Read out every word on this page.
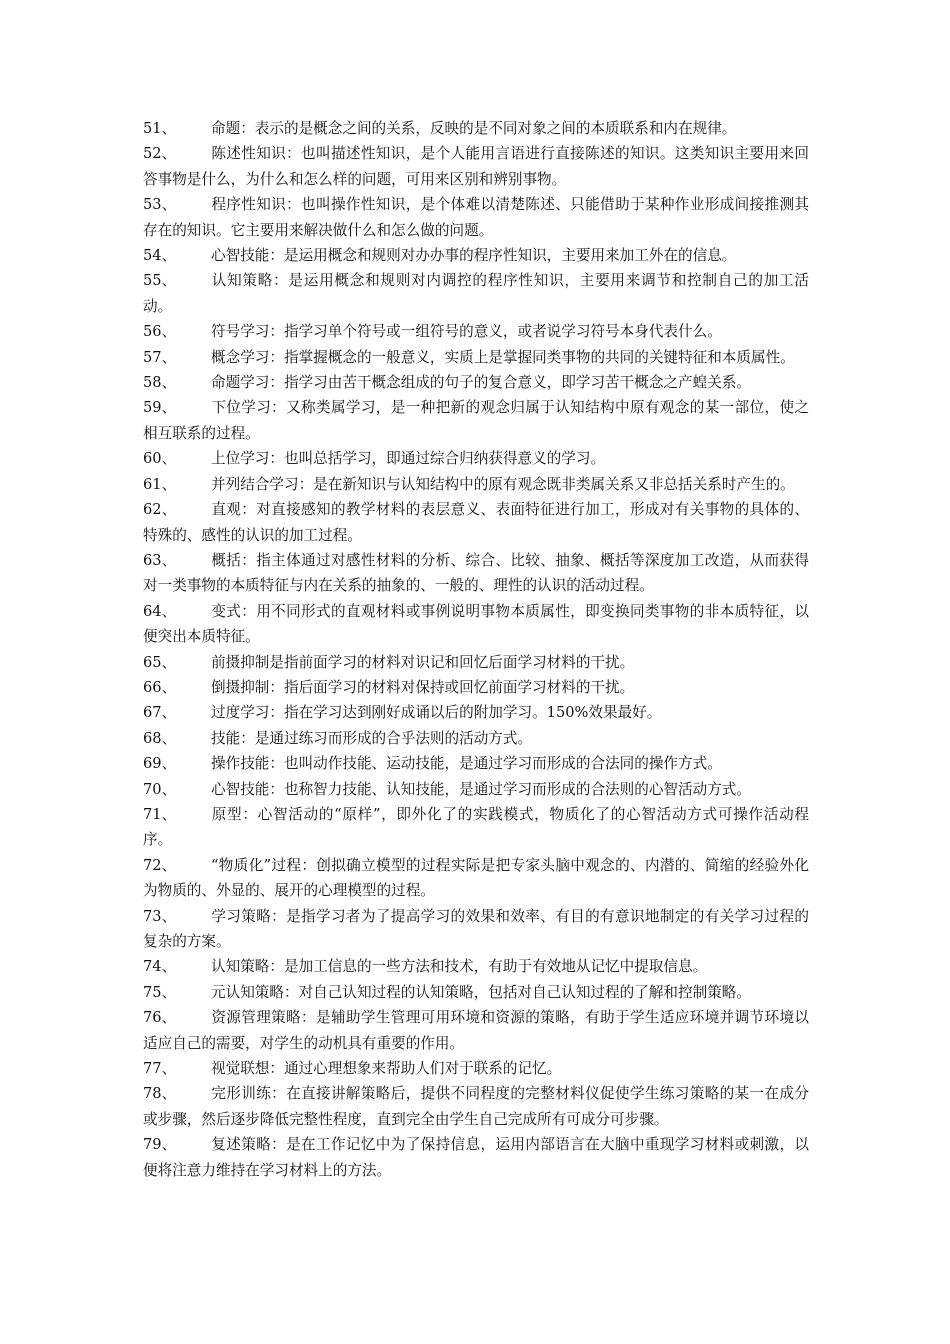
51、 命题：表示的是概念之间的关系，反映的是不同对象之间的本质联系和内在规律。

52、 陈述性知识：也叫描述性知识，是个人能用言语进行直接陈述的知识。这类知识主要用来回答事物是什么，为什么和怎么样的问题，可用来区别和辨别事物。

53、 程序性知识：也叫操作性知识，是个体难以清楚陈述、只能借助于某种作业形成间接推测其存在的知识。它主要用来解决做什么和怎么做的问题。

54、 心智技能：是运用概念和规则对办办事的程序性知识，主要用来加工外在的信息。

55、 认知策略：是运用概念和规则对内调控的程序性知识，主要用来调节和控制自己的加工活动。

56、 符号学习：指学习单个符号或一组符号的意义，或者说学习符号本身代表什么。

57、 概念学习：指掌握概念的一般意义，实质上是掌握同类事物的共同的关键特征和本质属性。

58、 命题学习：指学习由苦干概念组成的句子的复合意义，即学习苦干概念之产蝗关系。

59、 下位学习：又称类属学习，是一种把新的观念归属于认知结构中原有观念的某一部位，使之相互联系的过程。

60、 上位学习：也叫总括学习，即通过综合归纳获得意义的学习。

61、 并列结合学习：是在新知识与认知结构中的原有观念既非类属关系又非总括关系时产生的。

62、 直观：对直接感知的教学材料的表层意义、表面特征进行加工，形成对有关事物的具体的、特殊的、感性的认识的加工过程。

63、 概括：指主体通过对感性材料的分析、综合、比较、抽象、概括等深度加工改造，从而获得对一类事物的本质特征与内在关系的抽象的、一般的、理性的认识的活动过程。

64、 变式：用不同形式的直观材料或事例说明事物本质属性，即变换同类事物的非本质特征，以便突出本质特征。

65、 前摄抑制是指前面学习的材料对识记和回忆后面学习材料的干扰。

66、 倒摄抑制：指后面学习的材料对保持或回忆前面学习材料的干扰。

67、 过度学习：指在学习达到刚好成诵以后的附加学习。150%效果最好。

68、 技能：是通过练习而形成的合乎法则的活动方式。

69、 操作技能：也叫动作技能、运动技能，是通过学习而形成的合法同的操作方式。

70、 心智技能：也称智力技能、认知技能，是通过学习而形成的合法则的心智活动方式。

71、 原型：心智活动的“原样”，即外化了的实践模式，物质化了的心智活动方式可操作活动程序。

72、 “物质化”过程：创拟确立模型的过程实际是把专家头脑中观念的、内潜的、简缩的经验外化为物质的、外显的、展开的心理模型的过程。

73、 学习策略：是指学习者为了提高学习的效果和效率、有目的有意识地制定的有关学习过程的复杂的方案。

74、 认知策略：是加工信息的一些方法和技术，有助于有效地从记忆中提取信息。

75、 元认知策略：对自己认知过程的认知策略，包括对自己认知过程的了解和控制策略。

76、 资源管理策略：是辅助学生管理可用环境和资源的策略，有助于学生适应环境并调节环境以适应自己的需要，对学生的动机具有重要的作用。

77、 视觉联想：通过心理想象来帮助人们对于联系的记忆。

78、 完形训练：在直接讲解策略后，提供不同程度的完整材料仪促使学生练习策略的某一在成分或步骤，然后逐步降低完整性程度，直到完全由学生自己完成所有可成分可步骤。

79、 复述策略：是在工作记忆中为了保持信息，运用内部语言在大脑中重现学习材料或刺激，以便将注意力维持在学习材料上的方法。
